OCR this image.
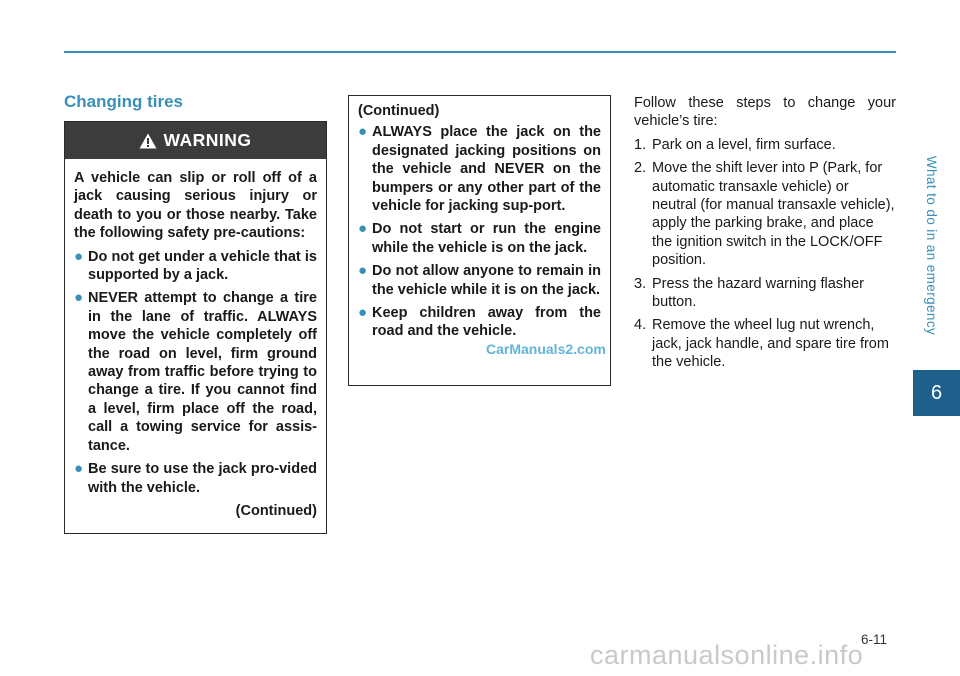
What to do in an emergency
6
Changing tires
WARNING
A vehicle can slip or roll off of a jack causing serious injury or death to you or those nearby. Take the following safety pre-cautions:
● Do not get under a vehicle that is supported by a jack.
● NEVER attempt to change a tire in the lane of traffic. ALWAYS move the vehicle completely off the road on level, firm ground away from traffic before trying to change a tire. If you cannot find a level, firm place off the road, call a towing service for assis-tance.
● Be sure to use the jack pro-vided with the vehicle.
(Continued)
(Continued)
● ALWAYS place the jack on the designated jacking positions on the vehicle and NEVER on the bumpers or any other part of the vehicle for jacking sup-port.
● Do not start or run the engine while the vehicle is on the jack.
● Do not allow anyone to remain in the vehicle while it is on the jack.
● Keep children away from the road and the vehicle.
CarManuals2.com
Follow these steps to change your vehicle’s tire:
1. Park on a level, firm surface.
2. Move the shift lever into P (Park, for automatic transaxle vehicle) or neutral (for manual transaxle vehicle), apply the parking brake, and place the ignition switch in the LOCK/OFF position.
3. Press the hazard warning flasher button.
4. Remove the wheel lug nut wrench, jack, jack handle, and spare tire from the vehicle.
6-11
carmanualsonline.info
